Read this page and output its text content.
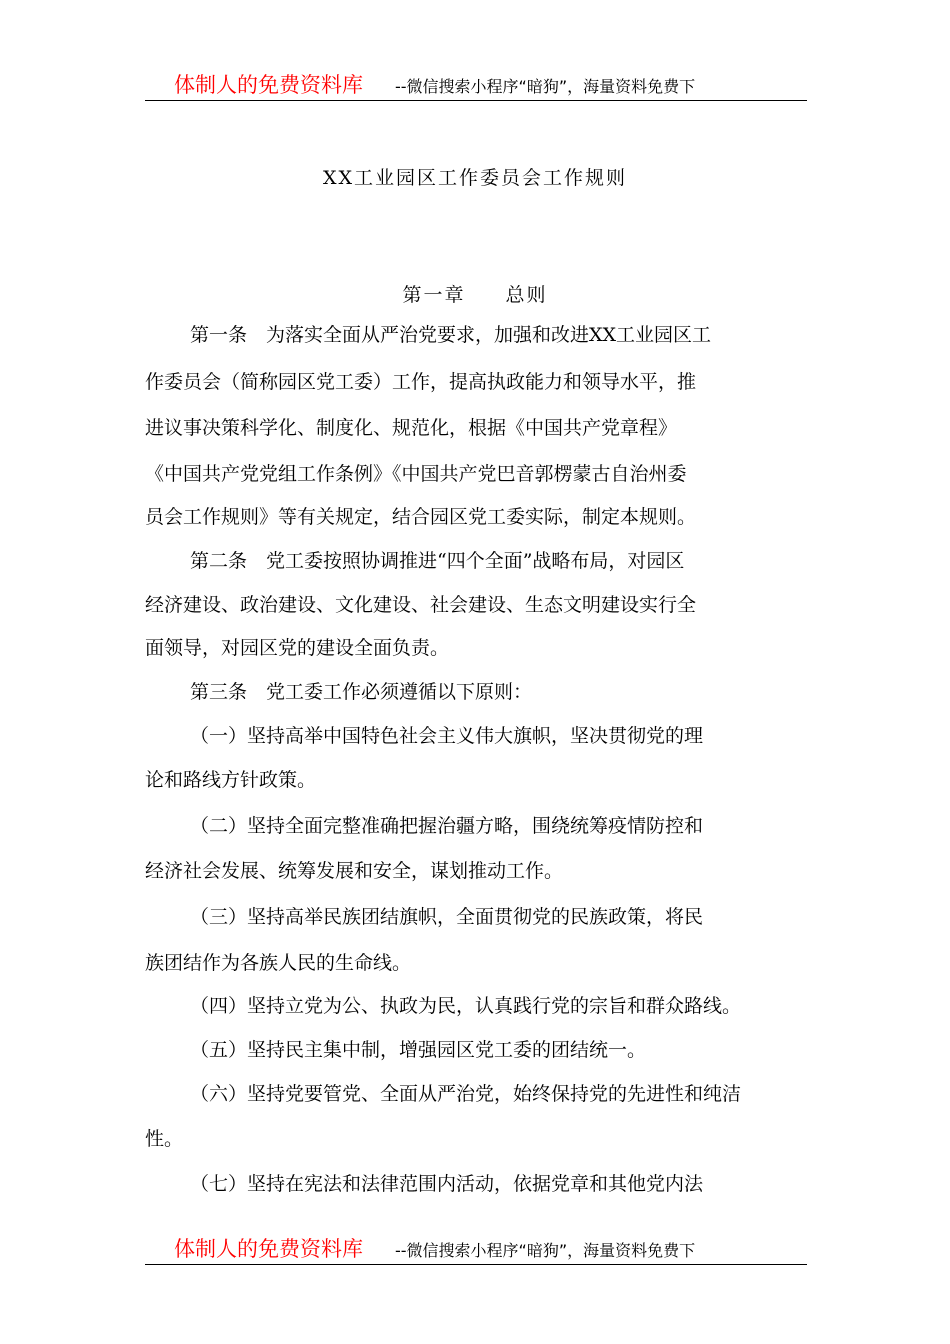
体制人的免费资料库 --微信搜索小程序“暗狗”，海量资料免费下
XX工业园区工作委员会工作规则
第一章 总则
第一条　为落实全面从严治党要求，加强和改进XX工业园区工
作委员会（简称园区党工委）工作，提高执政能力和领导水平，推
进议事决策科学化、制度化、规范化，根据《中国共产党章程》
《中国共产党党组工作条例》《中国共产党巴音郭楞蒙古自治州委
员会工作规则》等有关规定，结合园区党工委实际，制定本规则。
第二条　党工委按照协调推进“四个全面”战略布局，对园区
经济建设、政治建设、文化建设、社会建设、生态文明建设实行全
面领导，对园区党的建设全面负责。
第三条　党工委工作必须遵循以下原则：
（一）坚持高举中国特色社会主义伟大旗帜，坚决贯彻党的理
论和路线方针政策。
（二）坚持全面完整准确把握治疆方略，围绕统筹疫情防控和
经济社会发展、统筹发展和安全，谋划推动工作。
（三）坚持高举民族团结旗帜，全面贯彻党的民族政策，将民
族团结作为各族人民的生命线。
（四）坚持立党为公、执政为民，认真践行党的宗旨和群众路线。
（五）坚持民主集中制，增强园区党工委的团结统一。
（六）坚持党要管党、全面从严治党，始终保持党的先进性和纯洁
性。
（七）坚持在宪法和法律范围内活动，依据党章和其他党内法
体制人的免费资料库 --微信搜索小程序“暗狗”，海量资料免费下
